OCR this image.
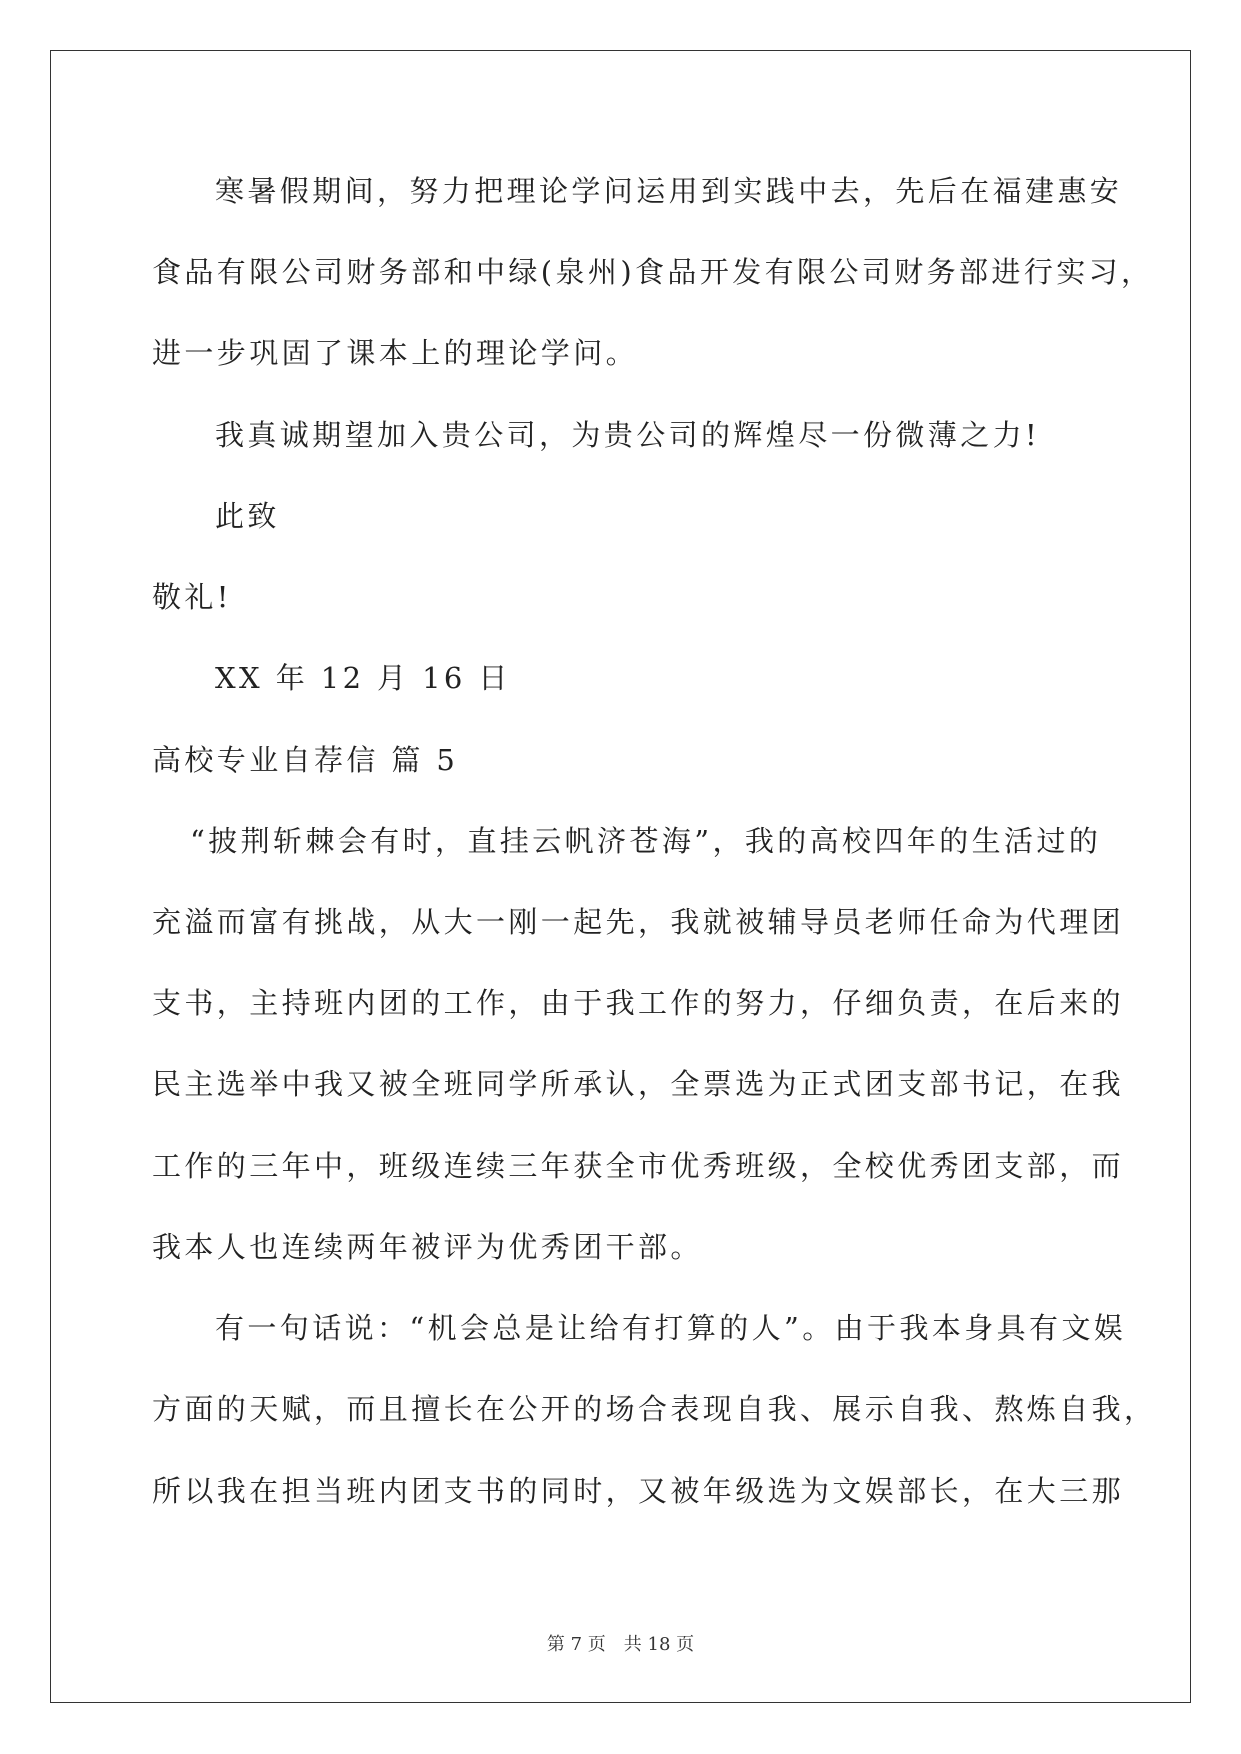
寒暑假期间，努力把理论学问运用到实践中去，先后在福建惠安

食品有限公司财务部和中绿(泉州)食品开发有限公司财务部进行实习，

进一步巩固了课本上的理论学问。

我真诚期望加入贵公司，为贵公司的辉煌尽一份微薄之力!

此致

敬礼!

XX 年 12 月 16 日

高校专业自荐信 篇 5

“披荆斩棘会有时，直挂云帆济苍海”，我的高校四年的生活过的

充溢而富有挑战，从大一刚一起先，我就被辅导员老师任命为代理团

支书，主持班内团的工作，由于我工作的努力，仔细负责，在后来的

民主选举中我又被全班同学所承认，全票选为正式团支部书记，在我

工作的三年中，班级连续三年获全市优秀班级，全校优秀团支部，而

我本人也连续两年被评为优秀团干部。

有一句话说：“机会总是让给有打算的人”。由于我本身具有文娱

方面的天赋，而且擅长在公开的场合表现自我、展示自我、熬炼自我，

所以我在担当班内团支书的同时，又被年级选为文娱部长，在大三那

第 7 页　共 18 页
